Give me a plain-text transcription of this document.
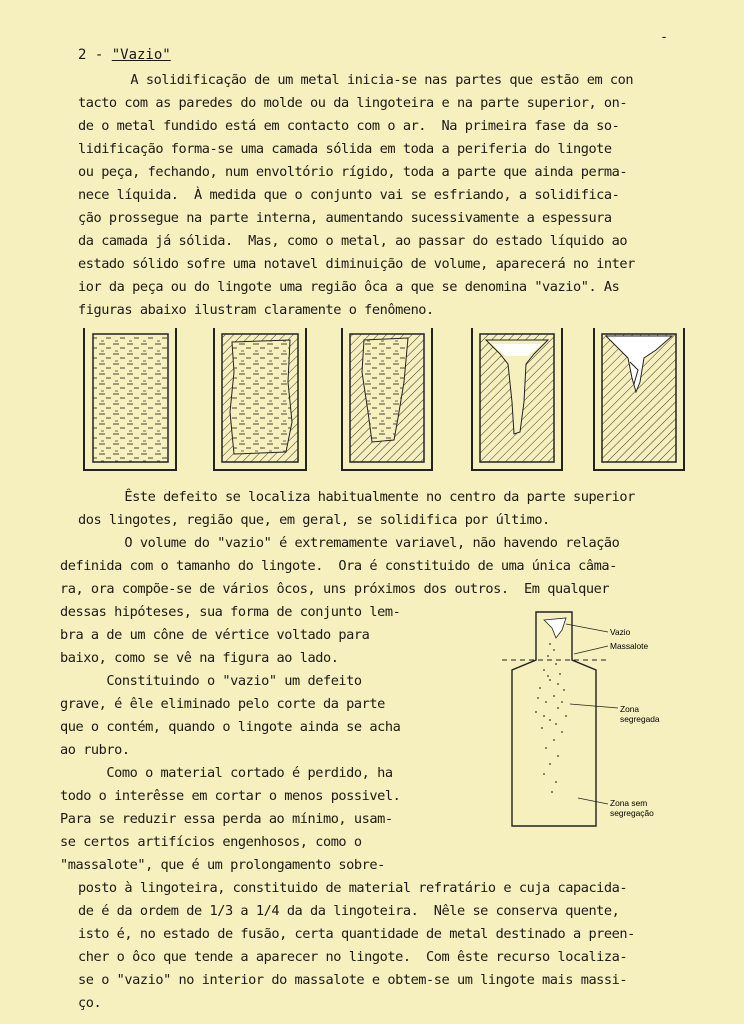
-
2 - "Vazio"
A solidificação de um metal inicia-se nas partes que estão em con
tacto com as paredes do molde ou da lingoteira e na parte superior, on-
de o metal fundido está em contacto com o ar.  Na primeira fase da so-
lidificação forma-se uma camada sólida em toda a periferia do lingote
ou peça, fechando, num envoltório rígido, toda a parte que ainda perma-
nece líquida.  À medida que o conjunto vai se esfriando, a solidifica-
ção prossegue na parte interna, aumentando sucessivamente a espessura
da camada já sólida.  Mas, como o metal, ao passar do estado líquido ao
estado sólido sofre uma notavel diminuição de volume, aparecerá no inter
ior da peça ou do lingote uma região ôca a que se denomina "vazio". As
figuras abaixo ilustram claramente o fenômeno.
Êste defeito se localiza habitualmente no centro da parte superior
dos lingotes, região que, em geral, se solidifica por último.
O volume do "vazio" é extremamente variavel, não havendo relação
definida com o tamanho do lingote.  Ora é constituido de uma única câma-
ra, ora compõe-se de vários ôcos, uns próximos dos outros.  Em qualquer
dessas hipóteses, sua forma de conjunto lem-
bra a de um cône de vértice voltado para
baixo, como se vê na figura ao lado.
Constituindo o "vazio" um defeito
grave, é êle eliminado pelo corte da parte
que o contém, quando o lingote ainda se acha
ao rubro.
Como o material cortado é perdido, ha
todo o interêsse em cortar o menos possivel.
Para se reduzir essa perda ao mínimo, usam-
se certos artifícios engenhosos, como o
"massalote", que é um prolongamento sobre-
posto à lingoteira, constituido de material refratário e cuja capacida-
de é da ordem de 1/3 a 1/4 da da lingoteira.  Nêle se conserva quente,
isto é, no estado de fusão, certa quantidade de metal destinado a preen-
cher o ôco que tende a aparecer no lingote.  Com êste recurso localiza-
se o "vazio" no interior do massalote e obtem-se um lingote mais massi-
ço.
Vazio
Massalote
Zona
segregada
Zona sem
segregação
